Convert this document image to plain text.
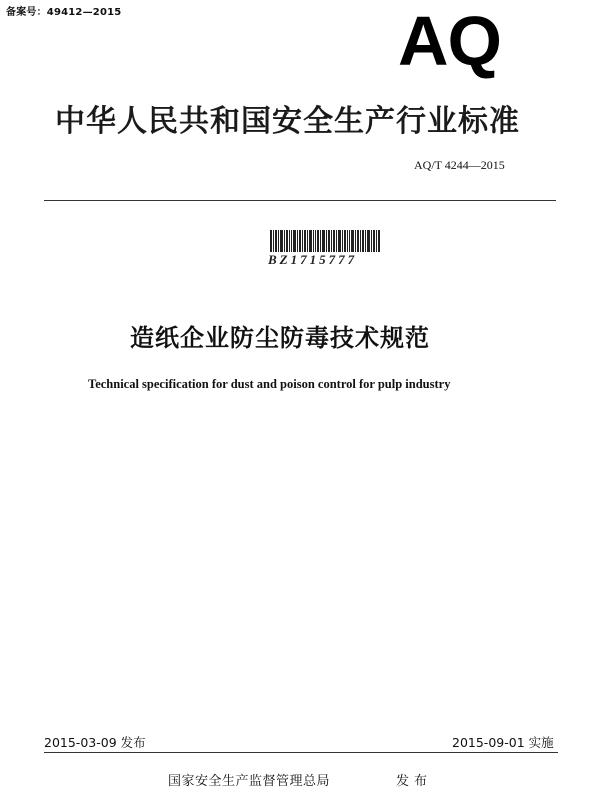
备案号：49412—2015	AQ
中华人民共和国安全生产行业标准
AQ/T 4244—2015
BZ1715777
造纸企业防尘防毒技术规范
Technical specification for dust and poison control for pulp industry
2015-03-09 发布	2015-09-01 实施
国家安全生产监督管理总局	发布
